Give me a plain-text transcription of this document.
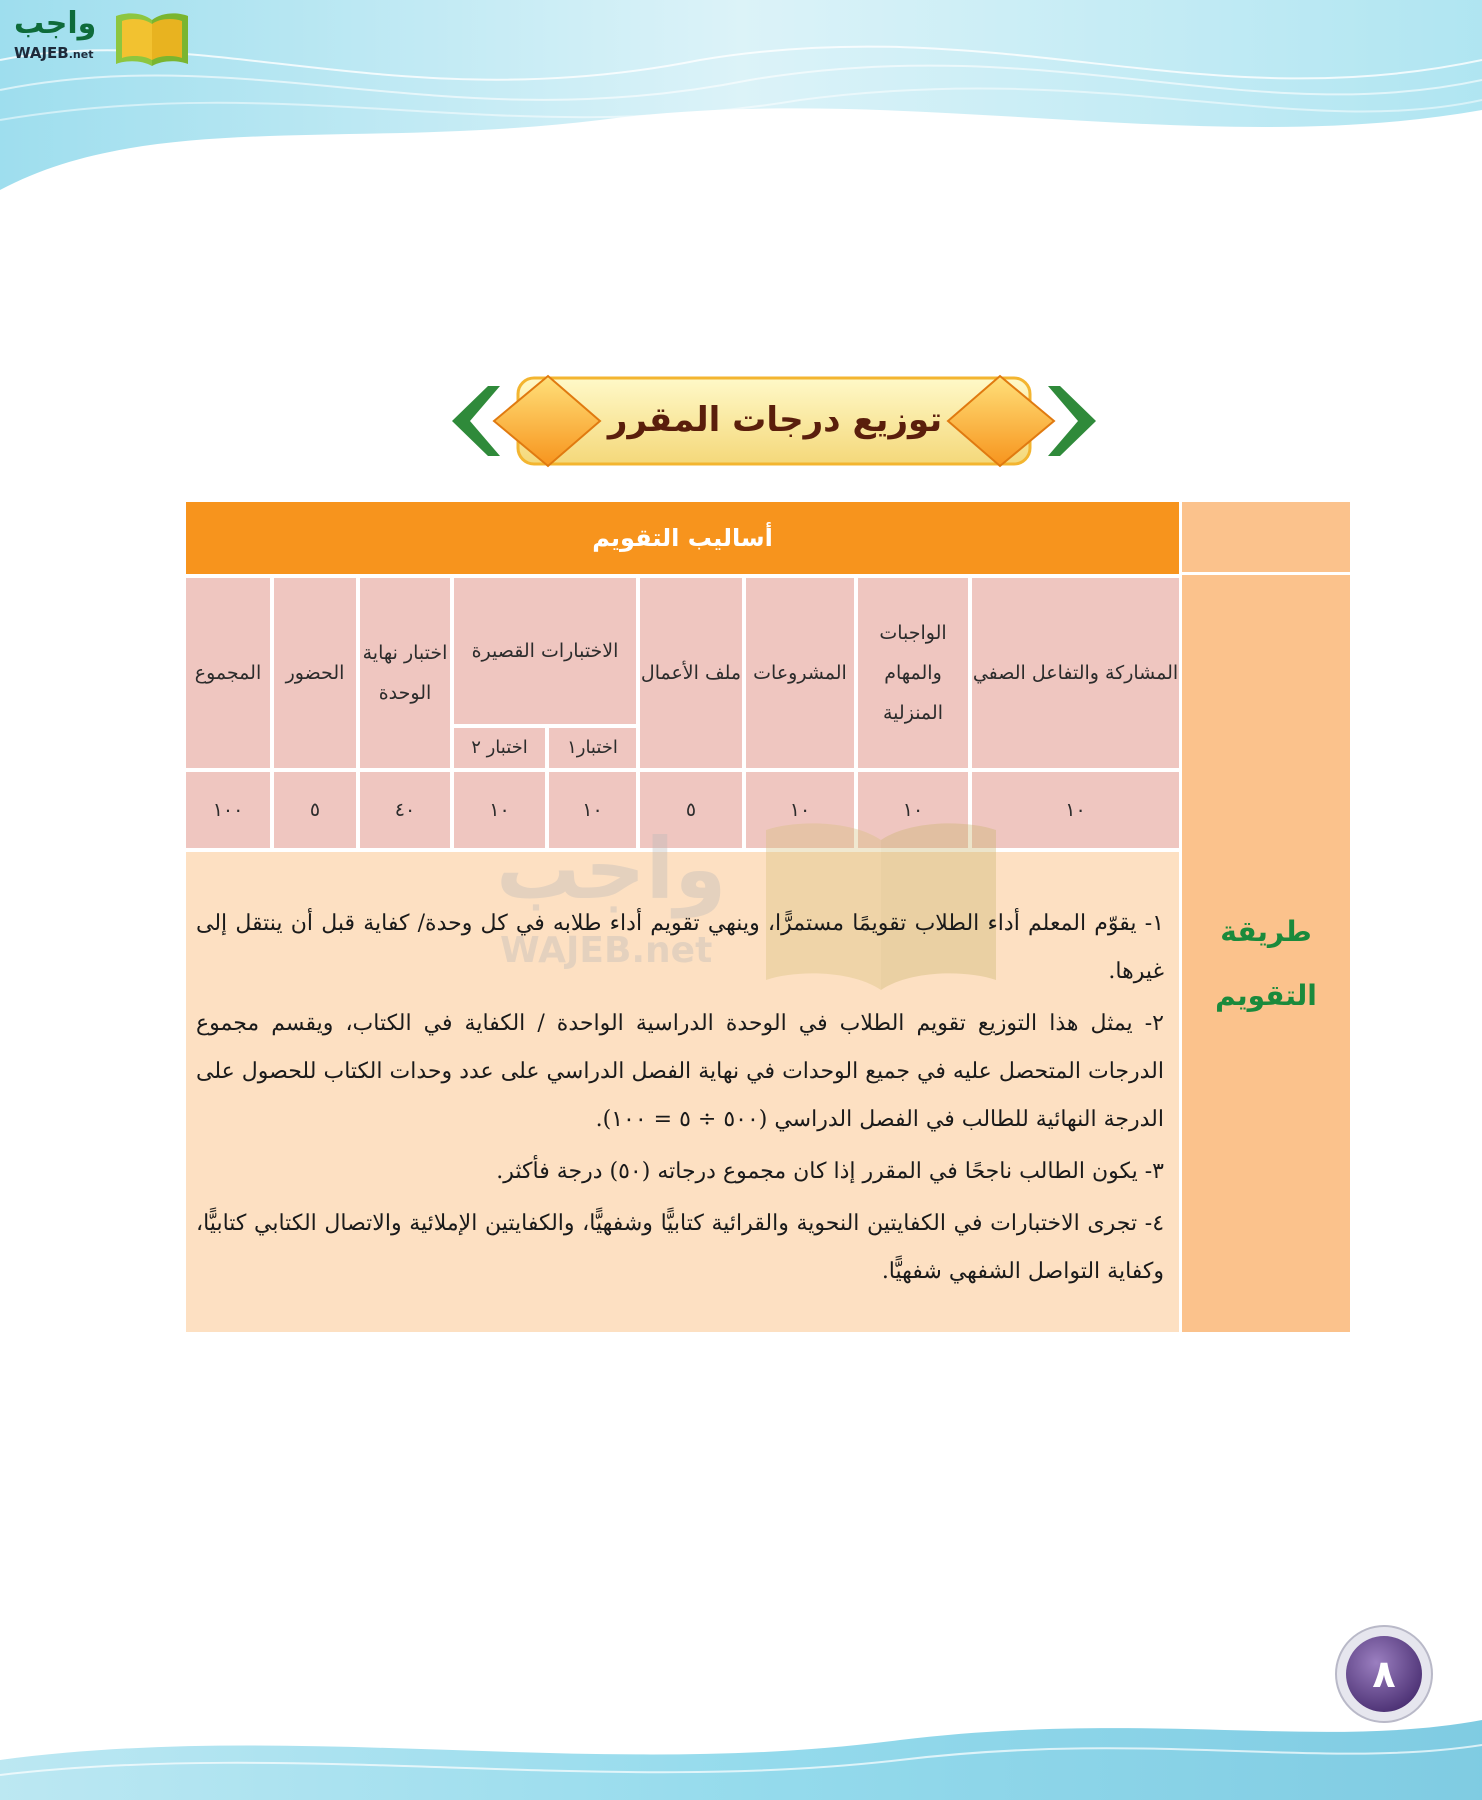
واجب
WAJEB.net
توزيع درجات المقرر
طريقة
التقويم
أساليب التقويم
المشاركة والتفاعل الصفي
الواجبات والمهام المنزلية
المشروعات
ملف الأعمال
الاختبارات القصيرة
اختبار١
اختبار ٢
اختبار نهاية الوحدة
الحضور
المجموع
١٠
١٠
١٠
٥
١٠
١٠
٤٠
٥
١٠٠
واجب
WAJEB.net
١- يقوّم المعلم أداء الطلاب تقويمًا مستمرًّا، وينهي تقويم أداء طلابه في كل وحدة/ كفاية قبل أن ينتقل إلى غيرها.
٢- يمثل هذا التوزيع تقويم الطلاب في الوحدة الدراسية الواحدة / الكفاية في الكتاب، ويقسم مجموع الدرجات المتحصل عليه في جميع الوحدات في نهاية الفصل الدراسي على عدد وحدات الكتاب للحصول على الدرجة النهائية للطالب في الفصل الدراسي (٥٠٠ ÷ ٥ = ١٠٠).
٣- يكون الطالب ناجحًا في المقرر إذا كان مجموع درجاته (٥٠) درجة فأكثر.
٤- تجرى الاختبارات في الكفايتين النحوية والقرائية كتابيًّا وشفهيًّا، والكفايتين الإملائية والاتصال الكتابي كتابيًّا، وكفاية التواصل الشفهي شفهيًّا.
٨
